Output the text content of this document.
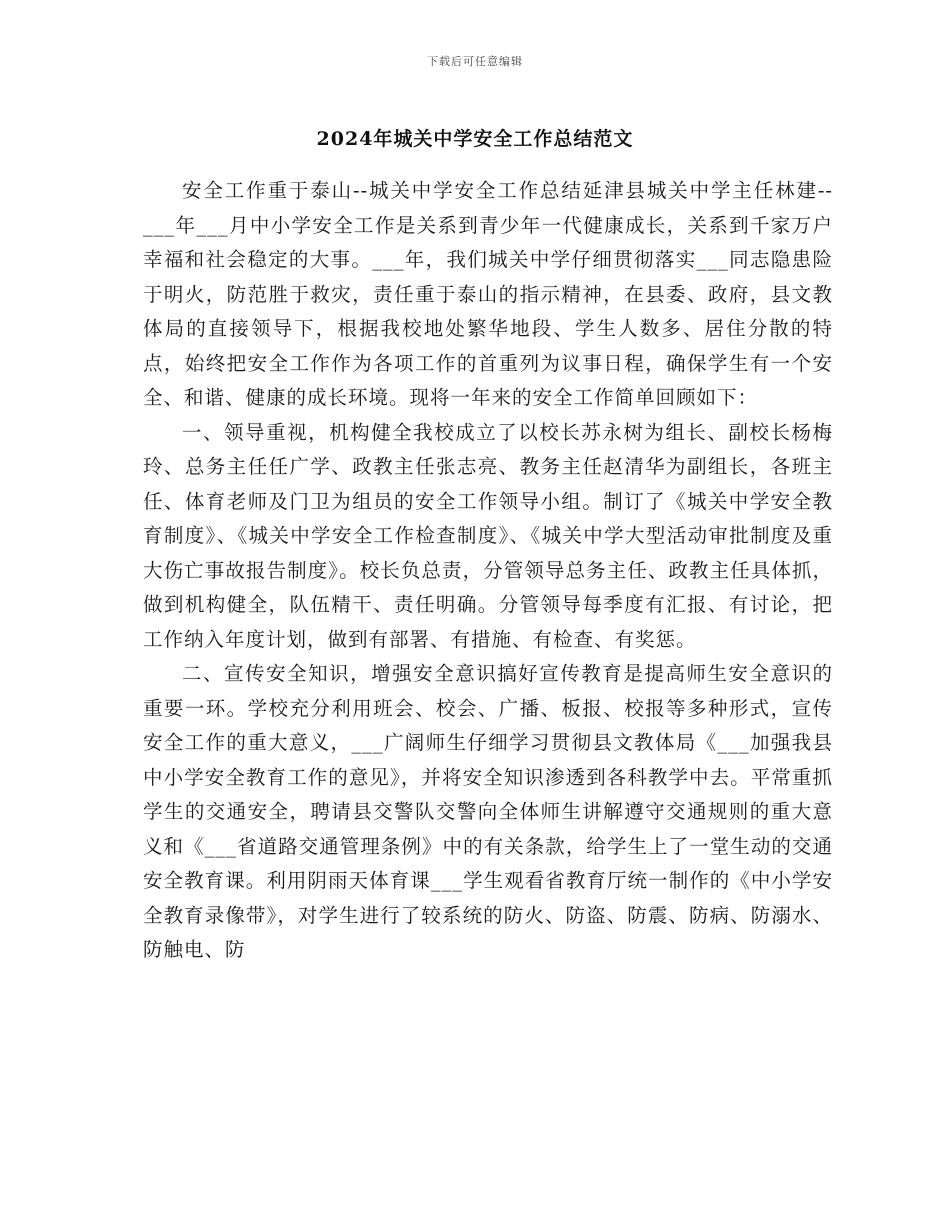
下载后可任意编辑
2024年城关中学安全工作总结范文

安全工作重于泰山--城关中学安全工作总结延津县城关中学主任林建--___年___月中小学安全工作是关系到青少年一代健康成长，关系到千家万户幸福和社会稳定的大事。___年，我们城关中学仔细贯彻落实___同志隐患险于明火，防范胜于救灾，责任重于泰山的指示精神，在县委、政府，县文教体局的直接领导下，根据我校地处繁华地段、学生人数多、居住分散的特点，始终把安全工作作为各项工作的首重列为议事日程，确保学生有一个安全、和谐、健康的成长环境。现将一年来的安全工作简单回顾如下：

一、领导重视，机构健全我校成立了以校长苏永树为组长、副校长杨梅玲、总务主任任广学、政教主任张志亮、教务主任赵清华为副组长，各班主任、体育老师及门卫为组员的安全工作领导小组。制订了《城关中学安全教育制度》、《城关中学安全工作检查制度》、《城关中学大型活动审批制度及重大伤亡事故报告制度》。校长负总责，分管领导总务主任、政教主任具体抓，做到机构健全，队伍精干、责任明确。分管领导每季度有汇报、有讨论，把工作纳入年度计划，做到有部署、有措施、有检查、有奖惩。

二、宣传安全知识，增强安全意识搞好宣传教育是提高师生安全意识的重要一环。学校充分利用班会、校会、广播、板报、校报等多种形式，宣传安全工作的重大意义，___广阔师生仔细学习贯彻县文教体局《___加强我县中小学安全教育工作的意见》，并将安全知识渗透到各科教学中去。平常重抓学生的交通安全，聘请县交警队交警向全体师生讲解遵守交通规则的重大意义和《___省道路交通管理条例》中的有关条款，给学生上了一堂生动的交通安全教育课。利用阴雨天体育课___学生观看省教育厅统一制作的《中小学安全教育录像带》，对学生进行了较系统的防火、防盗、防震、防病、防溺水、防触电、防
